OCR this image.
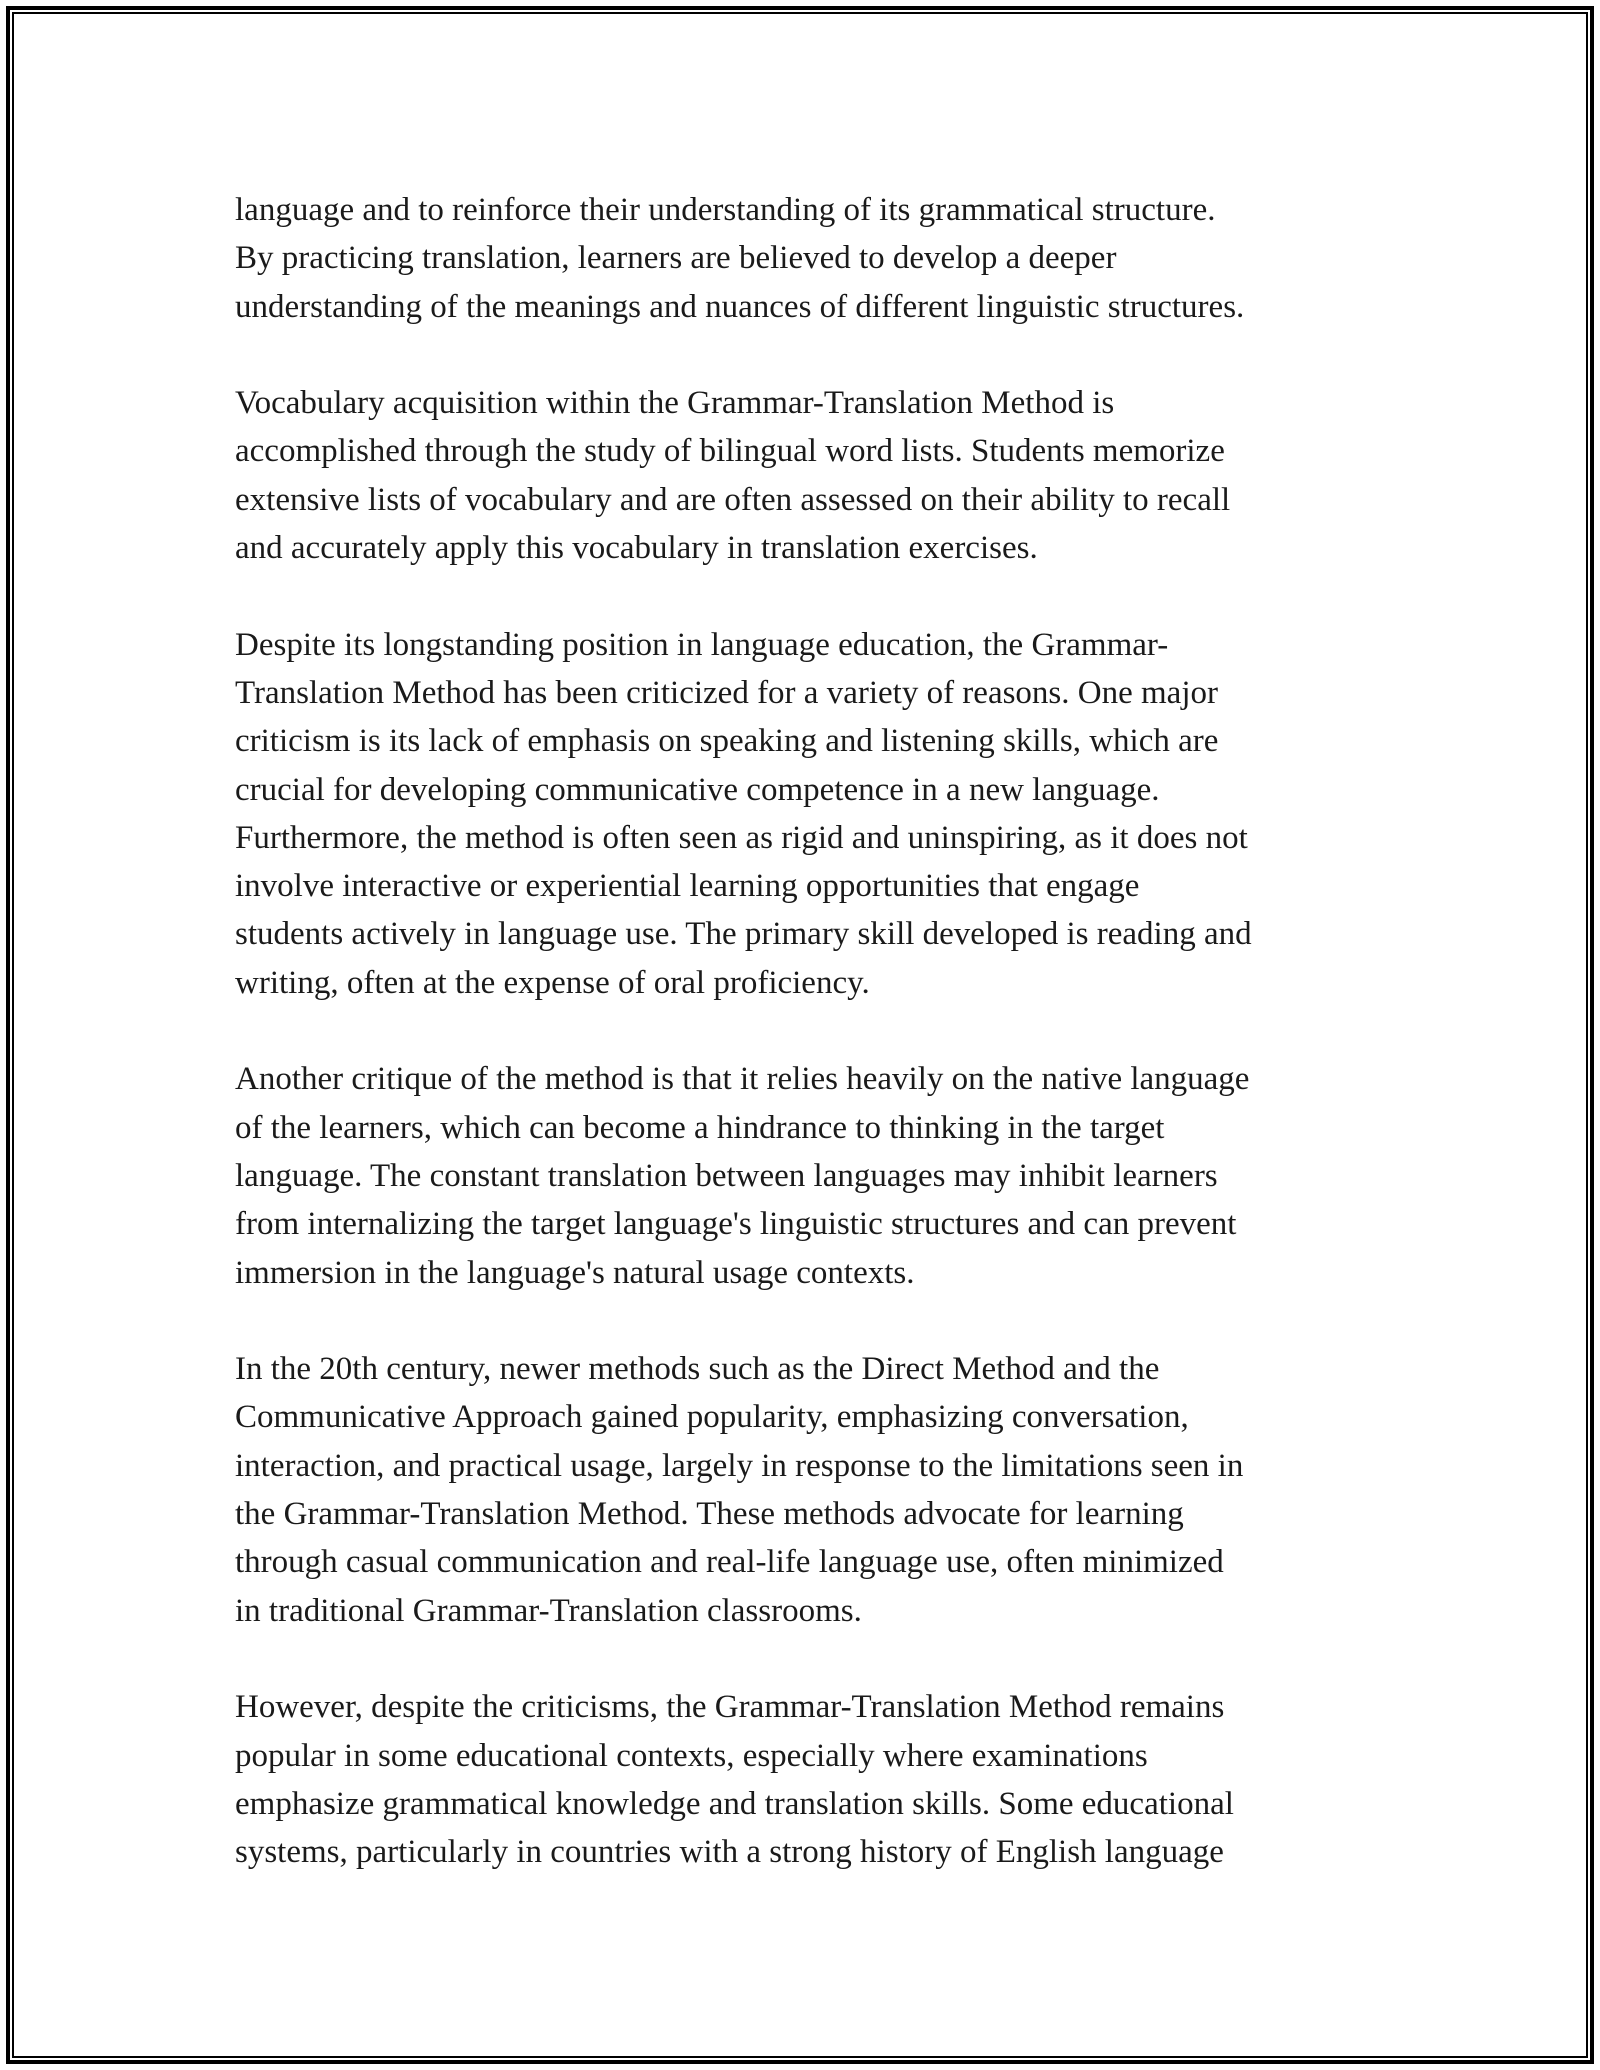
language and to reinforce their understanding of its grammatical structure.
By practicing translation, learners are believed to develop a deeper
understanding of the meanings and nuances of different linguistic structures.

Vocabulary acquisition within the Grammar-Translation Method is
accomplished through the study of bilingual word lists. Students memorize
extensive lists of vocabulary and are often assessed on their ability to recall
and accurately apply this vocabulary in translation exercises.

Despite its longstanding position in language education, the Grammar-
Translation Method has been criticized for a variety of reasons. One major
criticism is its lack of emphasis on speaking and listening skills, which are
crucial for developing communicative competence in a new language.
Furthermore, the method is often seen as rigid and uninspiring, as it does not
involve interactive or experiential learning opportunities that engage
students actively in language use. The primary skill developed is reading and
writing, often at the expense of oral proficiency.

Another critique of the method is that it relies heavily on the native language
of the learners, which can become a hindrance to thinking in the target
language. The constant translation between languages may inhibit learners
from internalizing the target language's linguistic structures and can prevent
immersion in the language's natural usage contexts.

In the 20th century, newer methods such as the Direct Method and the
Communicative Approach gained popularity, emphasizing conversation,
interaction, and practical usage, largely in response to the limitations seen in
the Grammar-Translation Method. These methods advocate for learning
through casual communication and real-life language use, often minimized
in traditional Grammar-Translation classrooms.

However, despite the criticisms, the Grammar-Translation Method remains
popular in some educational contexts, especially where examinations
emphasize grammatical knowledge and translation skills. Some educational
systems, particularly in countries with a strong history of English language
